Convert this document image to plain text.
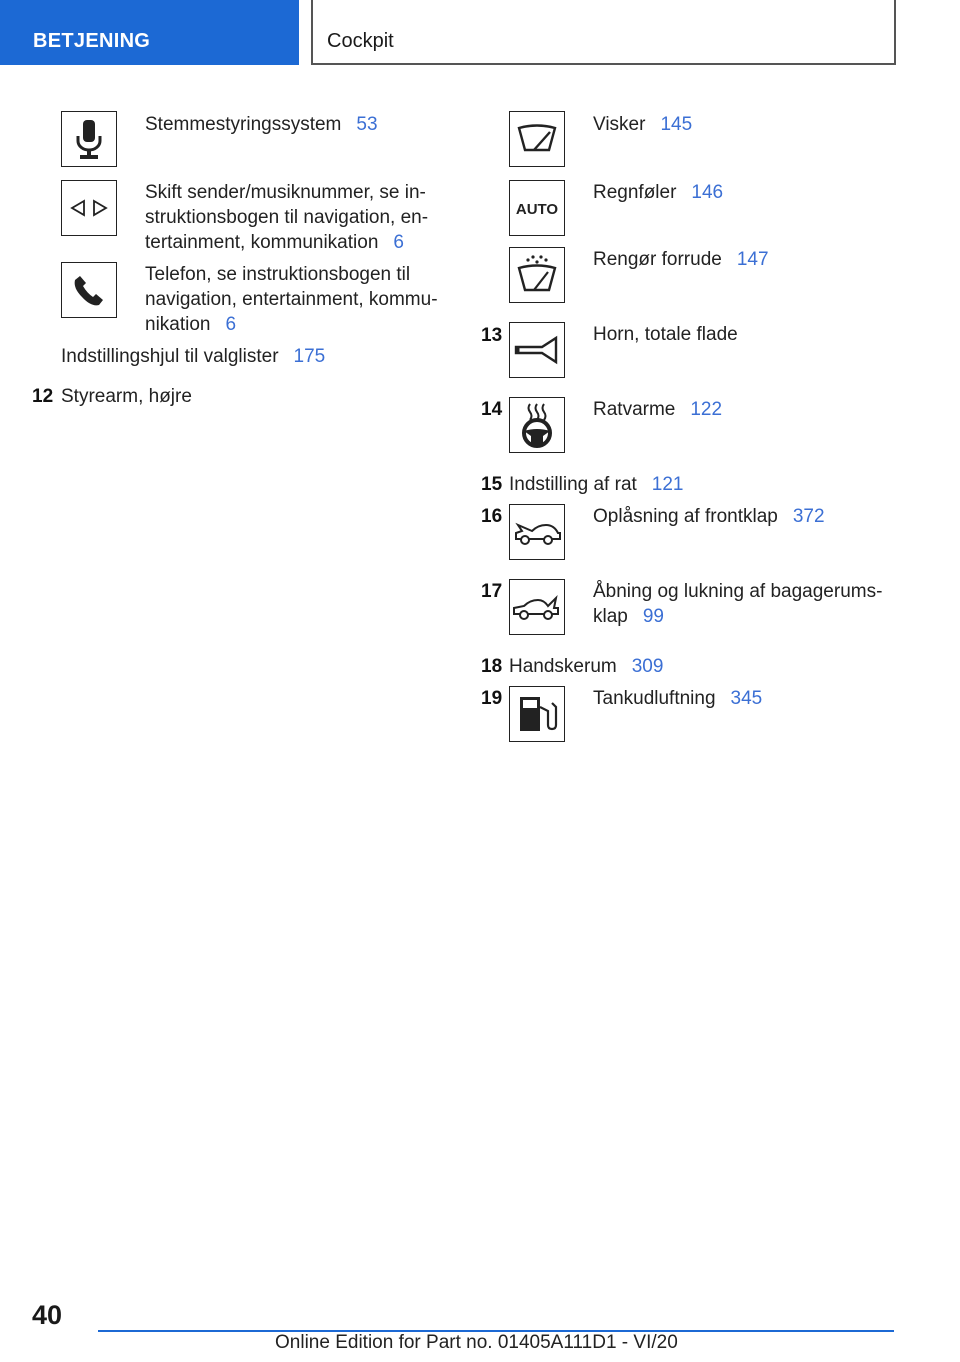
BETJENING	Cockpit
Stemmestyringssystem 53
Skift sender/musiknummer, se in-
struktionsbogen til navigation, en-
tertainment, kommunikation 6
Telefon, se instruktionsbogen til
navigation, entertainment, kommu-
nikation 6
Indstillingshjul til valglister 175
12 Styrearm, højre
Visker 145
AUTO
Regnføler 146
Rengør forrude 147
13	Horn, totale flade
14	Ratvarme 122
15 Indstilling af rat 121
16	Oplåsning af frontklap 372
17	Åbning og lukning af bagagerums-
klap 99
18 Handskerum 309
19	Tankudluftning 345
40
Online Edition for Part no. 01405A111D1 - VI/20
